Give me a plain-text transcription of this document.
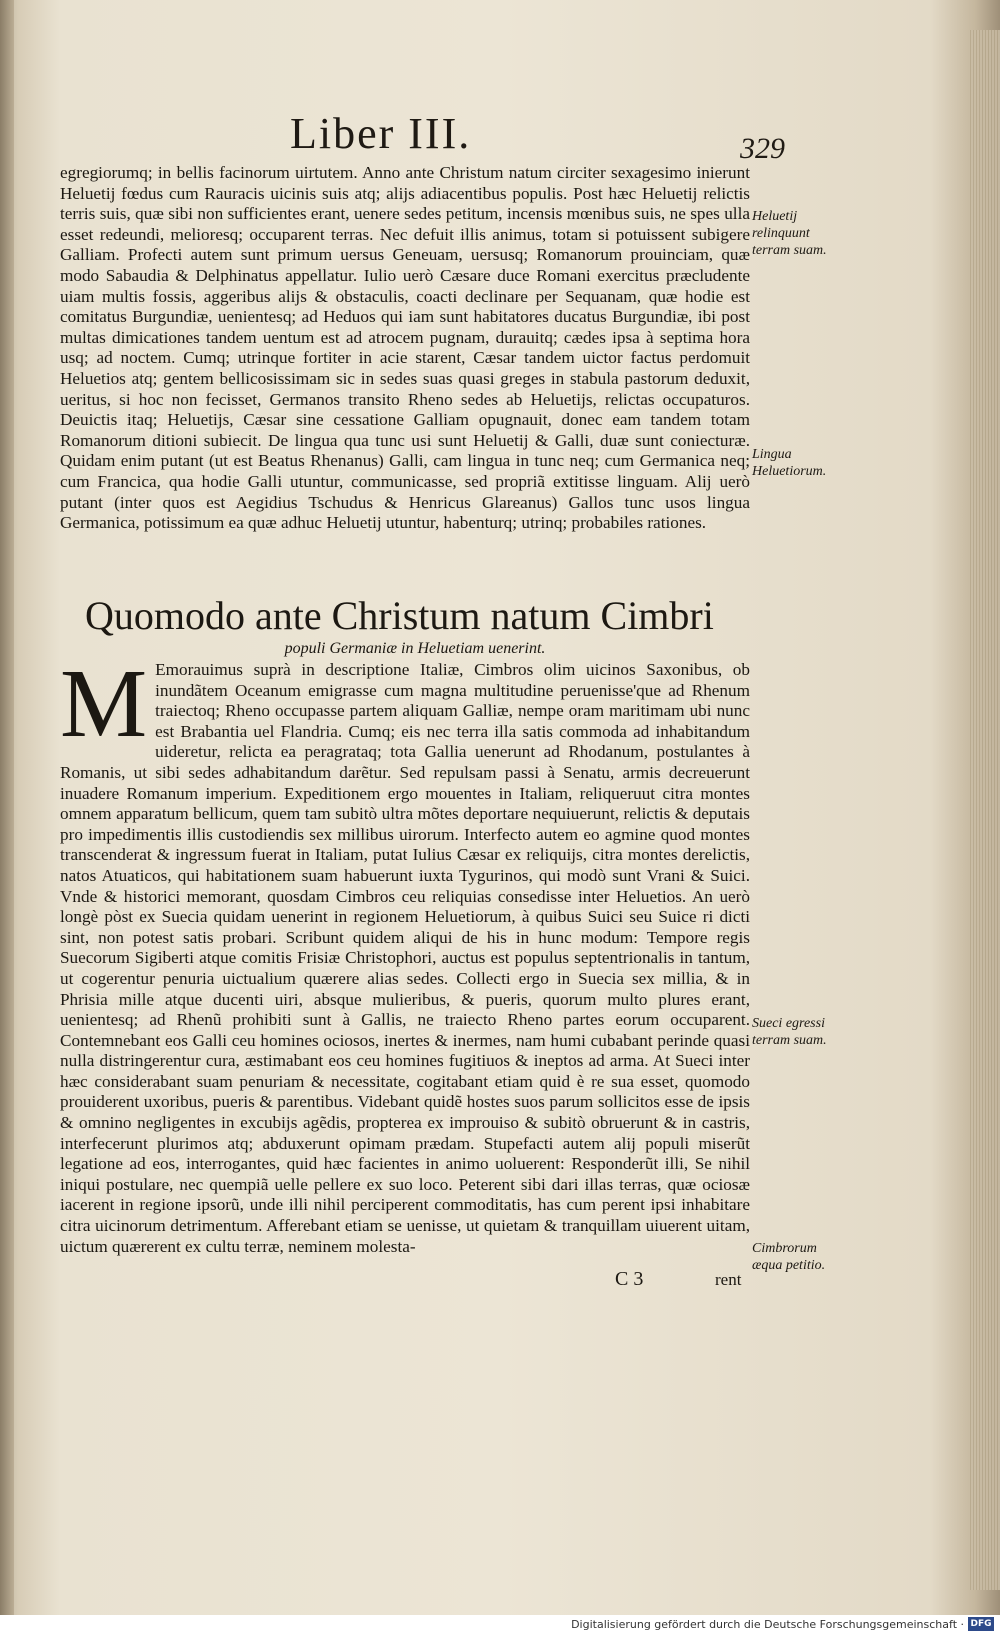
Liber III.	329
egregiorumq; in bellis facinorum uirtutem. Anno ante Christum natum circiter sexagesimo inierunt Heluetij fœdus cum Rauracis uicinis suis atq; alijs adiacentibus populis. Post hæc Heluetij relictis terris suis, quæ sibi non sufficientes erant, uenere sedes petitum, incensis mœnibus suis, ne spes ulla esset redeundi, melioresq; occuparent terras. Nec defuit illis animus, totam si potuissent subigere Galliam. Profecti autem sunt primum uersus Geneuam, uersusq; Romanorum prouinciam, quæ modo Sabaudia & Delphinatus appellatur. Iulio uerò Cæsare duce Romani exercitus præcludente uiam multis fossis, aggeribus alijs & obstaculis, coacti declinare per Sequanam, quæ hodie est comitatus Burgundiæ, uenientesq; ad Heduos qui iam sunt habitatores ducatus Burgundiæ, ibi post multas dimicationes tandem uentum est ad atrocem pugnam, durauitq; cædes ipsa à septima hora usq; ad noctem. Cumq; utrinque fortiter in acie starent, Cæsar tandem uictor factus perdomuit Heluetios atq; gentem bellicosissimam sic in sedes suas quasi greges in stabula pastorum deduxit, ueritus, si hoc non fecisset, Germanos transito Rheno sedes ab Heluetijs, relictas occupaturos. Deuictis itaq; Heluetijs, Cæsar sine cessatione Galliam opugnauit, donec eam tandem totam Romanorum ditioni subiecit. De lingua qua tunc usi sunt Heluetij & Galli, duæ sunt coniecturæ. Quidam enim putant (ut est Beatus Rhenanus) Galli, cam lingua in tunc neq; cum Germanica neq; cum Francica, qua hodie Galli utuntur, communicasse, sed propriã extitisse linguam. Alij uerò putant (inter quos est Aegidius Tschudus & Henricus Glareanus) Gallos tunc usos lingua Germanica, potissimum ea quæ adhuc Heluetij utuntur, habenturq; utrinq; probabiles rationes.
Heluetij relinquunt terram suam.
Lingua Heluetiorum.
Quomodo ante Christum natum Cimbri
populi Germaniæ in Heluetiam uenerint.
M Emorauimus suprà in descriptione Italiæ, Cimbros olim uicinos Saxonibus, ob inundãtem Oceanum emigrasse cum magna multitudine peruenisse'que ad Rhenum traiectoq; Rheno occupasse partem aliquam Galliæ, nempe oram maritimam ubi nunc est Brabantia uel Flandria. Cumq; eis nec terra illa satis commoda ad inhabitandum uideretur, relicta ea peragrataq; tota Gallia uenerunt ad Rhodanum, postulantes à Romanis, ut sibi sedes adhabitandum darẽtur. Sed repulsam passi à Senatu, armis decreuerunt inuadere Romanum imperium. Expeditionem ergo mouentes in Italiam, reliqueruut citra montes omnem apparatum bellicum, quem tam subitò ultra mõtes deportare nequiuerunt, relictis & deputais pro impedimentis illis custodiendis sex millibus uirorum. Interfecto autem eo agmine quod montes transcenderat & ingressum fuerat in Italiam, putat Iulius Cæsar ex reliquijs, citra montes derelictis, natos Atuaticos, qui habitationem suam habuerunt iuxta Tygurinos, qui modò sunt Vrani & Suici. Vnde & historici memorant, quosdam Cimbros ceu reliquias consedisse inter Heluetios. An uerò longè pòst ex Suecia quidam uenerint in regionem Heluetiorum, à quibus Suici seu Suice ri dicti sint, non potest satis probari. Scribunt quidem aliqui de his in hunc modum: Tempore regis Suecorum Sigiberti atque comitis Frisiæ Christophori, auctus est populus septentrionalis in tantum, ut cogerentur penuria uictualium quærere alias sedes. Collecti ergo in Suecia sex millia, & in Phrisia mille atque ducenti uiri, absque mulieribus, & pueris, quorum multo plures erant, uenientesq; ad Rhenũ prohibiti sunt à Gallis, ne traiecto Rheno partes eorum occuparent. Contemnebant eos Galli ceu homines ociosos, inertes & inermes, nam humi cubabant perinde quasi nulla distringerentur cura, æstimabant eos ceu homines fugitiuos & ineptos ad arma. At Sueci inter hæc considerabant suam penuriam & necessitate, cogitabant etiam quid è re sua esset, quomodo prouiderent uxoribus, pueris & parentibus. Videbant quidẽ hostes suos parum sollicitos esse de ipsis & omnino negligentes in excubijs agẽdis, propterea ex improuiso & subitò obruerunt & in castris, interfecerunt plurimos atq; abduxerunt opimam prædam. Stupefacti autem alij populi miserũt legatione ad eos, interrogantes, quid hæc facientes in animo uoluerent: Responderũt illi, Se nihil iniqui postulare, nec quempiã uelle pellere ex suo loco. Peterent sibi dari illas terras, quæ ociosæ iacerent in regione ipsorũ, unde illi nihil perciperent commoditatis, has cum perent ipsi inhabitare citra uicinorum detrimentum. Afferebant etiam se uenisse, ut quietam & tranquillam uiuerent uitam, uictum quærerent ex cultu terræ, neminem molesta-
Sueci egressi terram suam.
Cimbrorum æqua petitio.
C 3	rent
Digitalisierung gefördert durch die Deutsche Forschungsgemeinschaft · DFG
